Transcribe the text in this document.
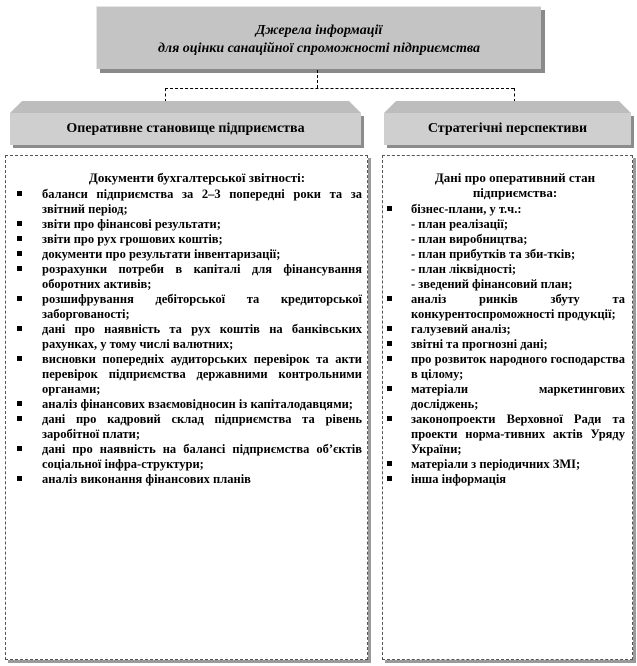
Джерела інформації
для оцінки санаційної спроможності підприємства
Оперативне становище підприємства	Стратегічні перспективи

Документи бухгалтерської звітності:

баланси підприємства за 2–3 попередні роки та за звітний період;
звіти про фінансові результати;
звіти про рух грошових коштів;
документи про результати інвентаризації;
розрахунки потреби в капіталі для фінансування оборотних активів;
розшифрування дебіторської та кредиторської заборгованості;
дані про наявність та рух коштів на банківських рахунках, у тому числі валютних;
висновки попередніх аудиторських перевірок та акти перевірок підприємства державними контрольними органами;
аналіз фінансових взаємовідносин із капіталодавцями;
дані про кадровий склад підприємства та рівень заробітної плати;
дані про наявність на балансі підприємства об’єктів соціальної інфра-структури;
аналіз виконання фінансових планів

Дані про оперативний стан підприємства:

бізнес-плани, у т.ч.:
- план реалізації;
- план виробництва;
- план прибутків та зби-тків;
- план ліквідності;
- зведений фінансовий план;
аналіз ринків збуту та конкурентоспроможності продукції;
галузевий аналіз;
звітні та прогнозні дані;
про розвиток народного господарства в цілому;
матеріали маркетингових досліджень;
законопроекти Верховної Ради та проекти норма-тивних актів Уряду України;
матеріали з періодичних ЗМІ;
інша інформація
